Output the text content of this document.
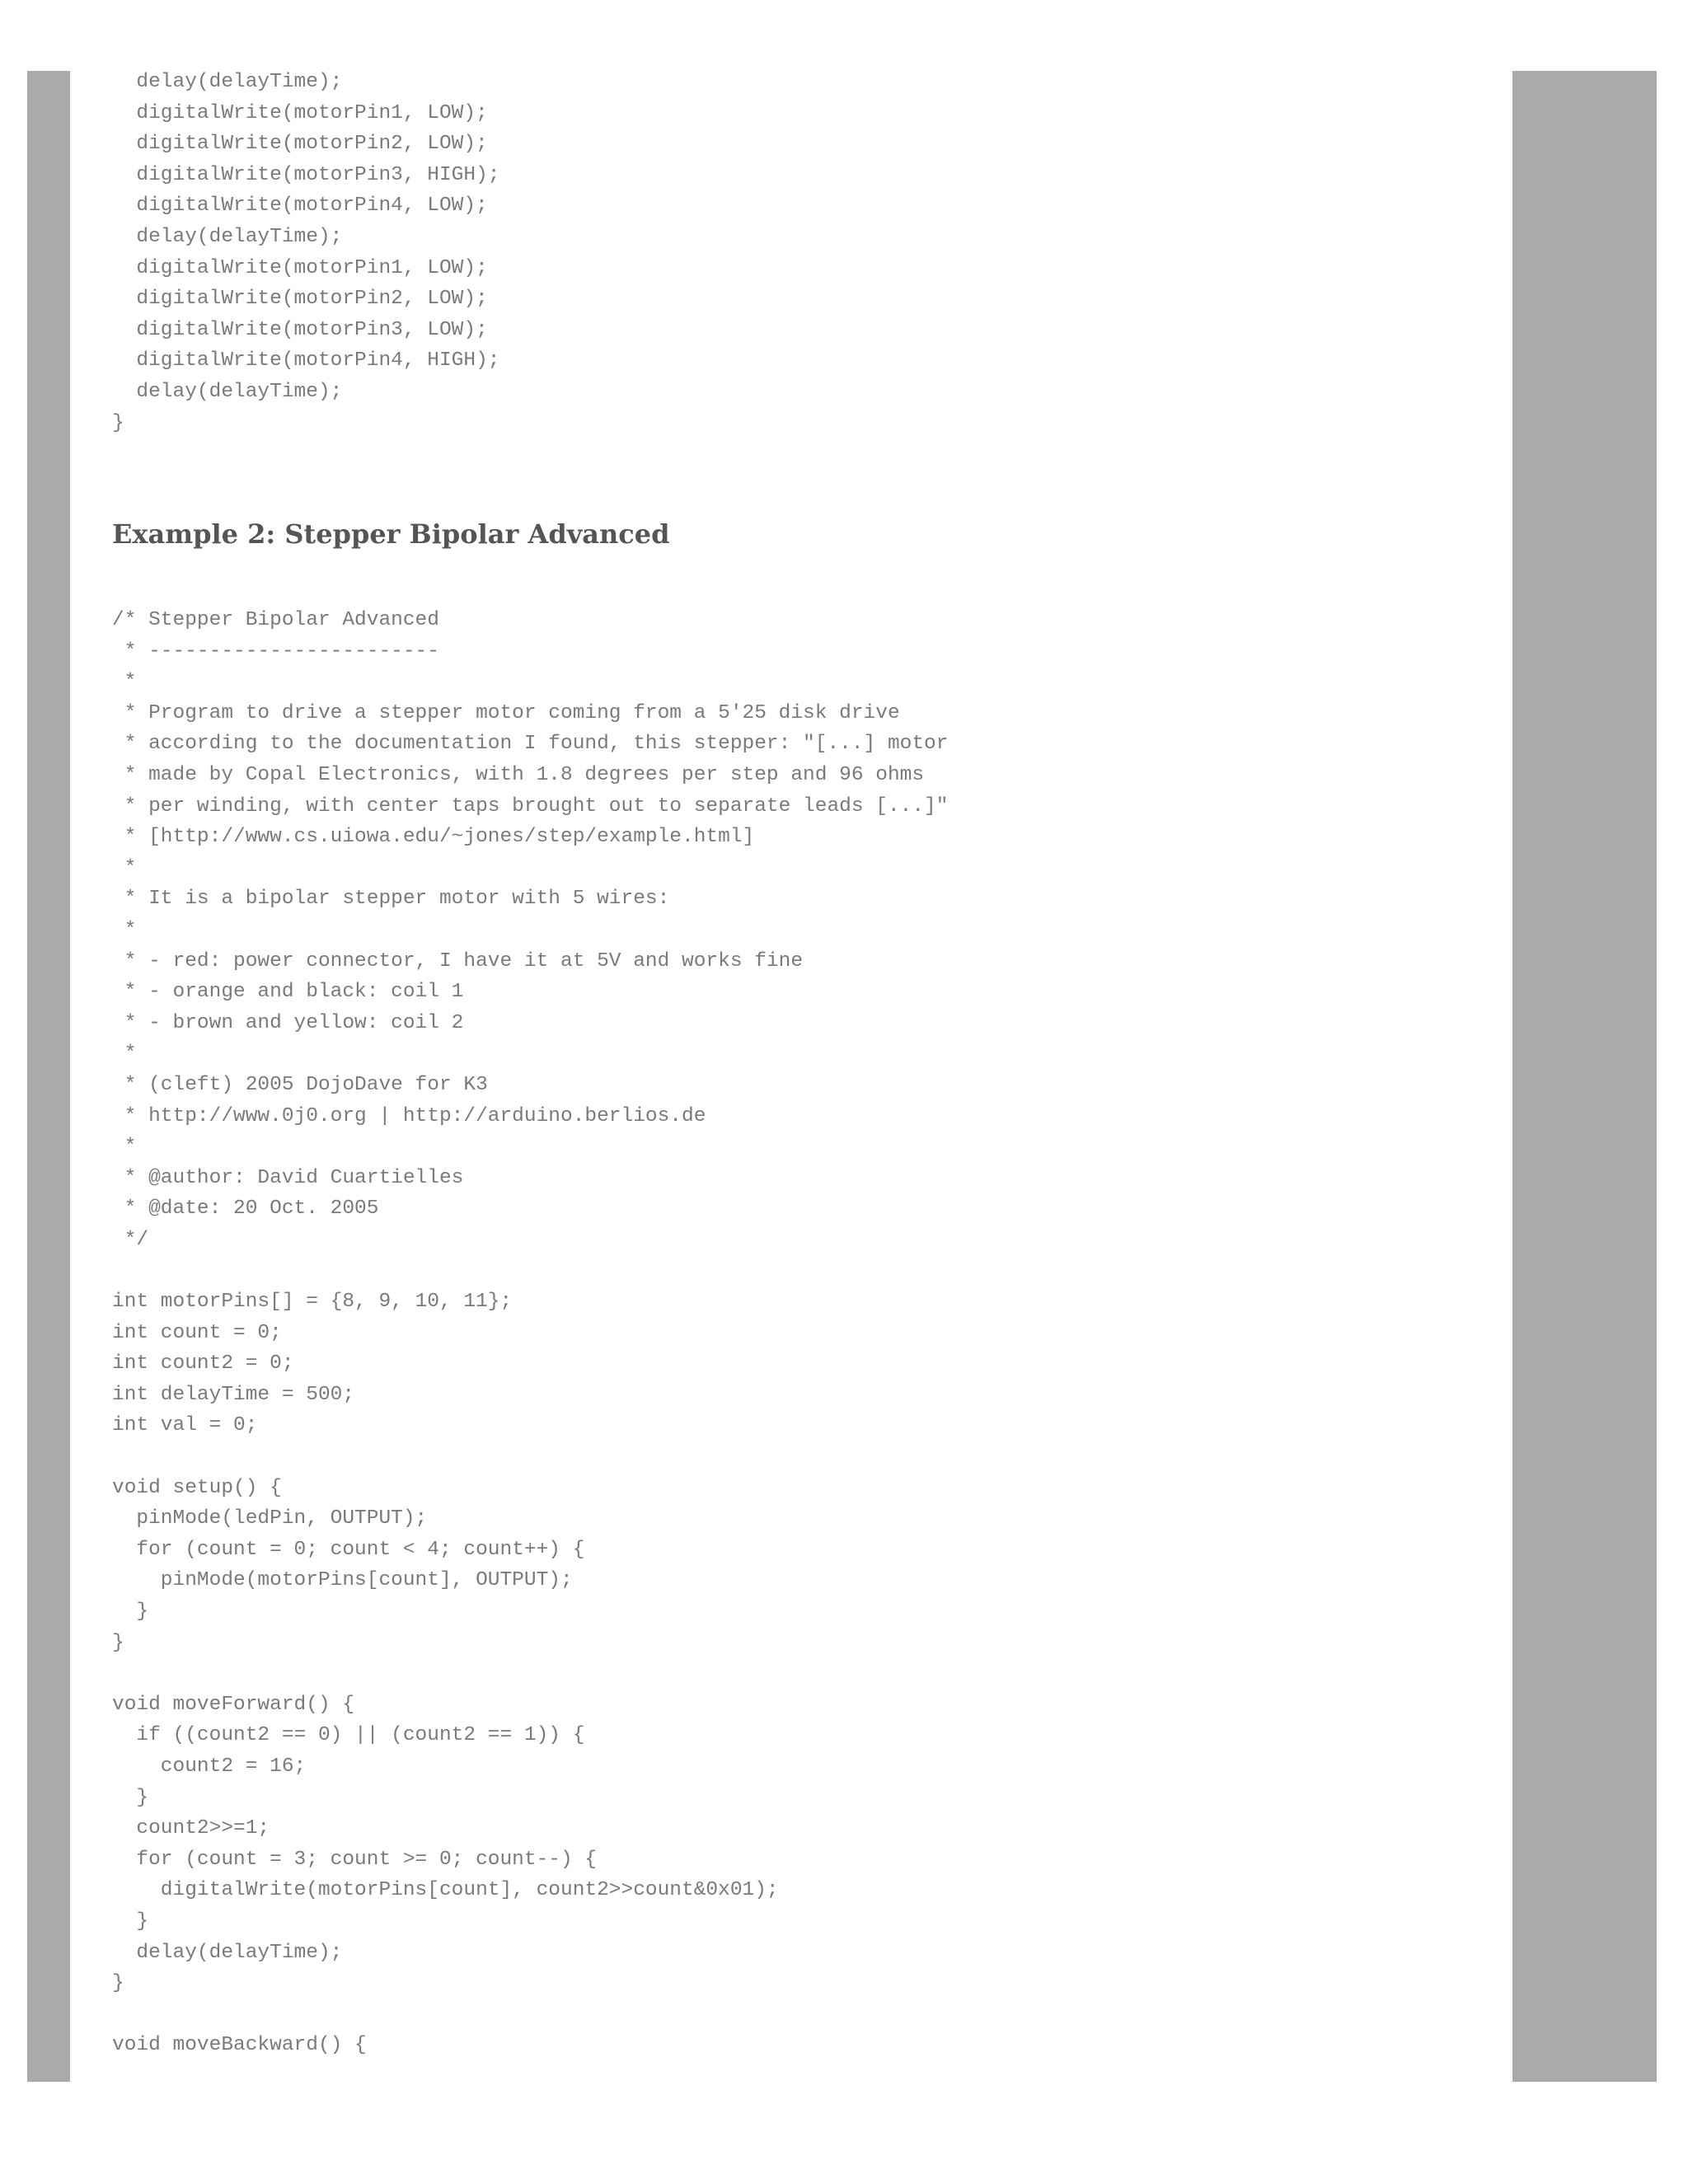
delay(delayTime);
digitalWrite(motorPin1, LOW);
digitalWrite(motorPin2, LOW);
digitalWrite(motorPin3, HIGH);
digitalWrite(motorPin4, LOW);
delay(delayTime);
digitalWrite(motorPin1, LOW);
digitalWrite(motorPin2, LOW);
digitalWrite(motorPin3, LOW);
digitalWrite(motorPin4, HIGH);
delay(delayTime);
}
Example 2: Stepper Bipolar Advanced
/* Stepper Bipolar Advanced
* ------------------------
*
* Program to drive a stepper motor coming from a 5'25 disk drive
* according to the documentation I found, this stepper: "[...] motor
* made by Copal Electronics, with 1.8 degrees per step and 96 ohms
* per winding, with center taps brought out to separate leads [...]"
* [http://www.cs.uiowa.edu/~jones/step/example.html]
*
* It is a bipolar stepper motor with 5 wires:
*
* - red: power connector, I have it at 5V and works fine
* - orange and black: coil 1
* - brown and yellow: coil 2
*
* (cleft) 2005 DojoDave for K3
* http://www.0j0.org | http://arduino.berlios.de
*
* @author: David Cuartielles
* @date: 20 Oct. 2005
*/

int motorPins[] = {8, 9, 10, 11};
int count = 0;
int count2 = 0;
int delayTime = 500;
int val = 0;

void setup() {
pinMode(ledPin, OUTPUT);
for (count = 0; count < 4; count++) {
pinMode(motorPins[count], OUTPUT);
}
}

void moveForward() {
if ((count2 == 0) || (count2 == 1)) {
count2 = 16;
}
count2>>=1;
for (count = 3; count >= 0; count--) {
digitalWrite(motorPins[count], count2>>count&0x01);
}
delay(delayTime);
}

void moveBackward() {
